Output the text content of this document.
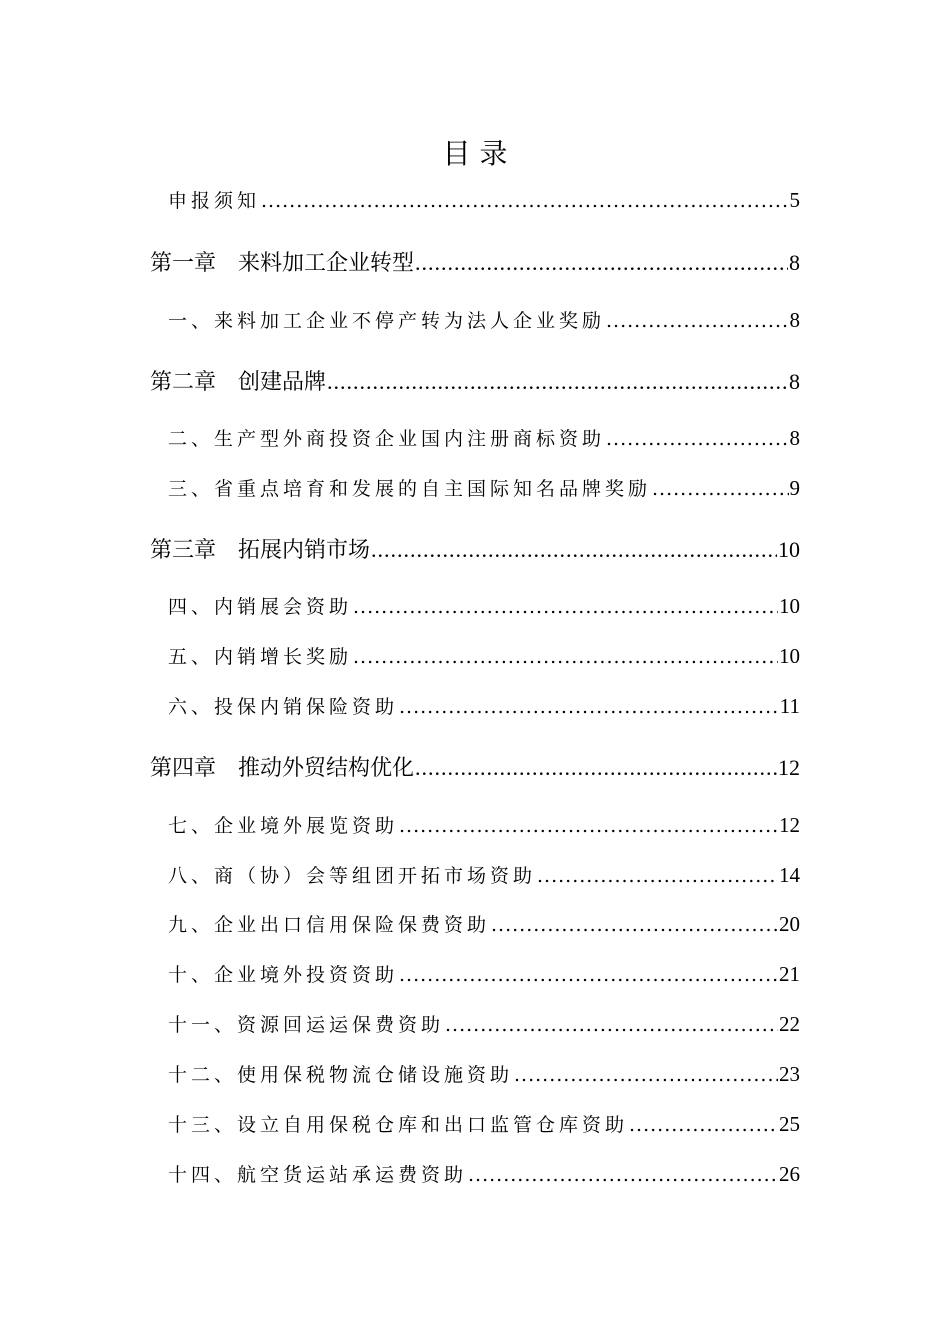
目 录
申报须知 .....	5
第一章　来料加工企业转型 .....	8
一、来料加工企业不停产转为法人企业奖励 .....	8
第二章　创建品牌 .....	8
二、生产型外商投资企业国内注册商标资助 .....	8
三、省重点培育和发展的自主国际知名品牌奖励 .....	9
第三章　拓展内销市场 .....	10
四、内销展会资助 .....	10
五、内销增长奖励 .....	10
六、投保内销保险资助 .....	11
第四章　推动外贸结构优化 .....	12
七、企业境外展览资助 .....	12
八、商（协）会等组团开拓市场资助 .....	14
九、企业出口信用保险保费资助 .....	20
十、企业境外投资资助 .....	21
十一、资源回运运保费资助 .....	22
十二、使用保税物流仓储设施资助 .....	23
十三、设立自用保税仓库和出口监管仓库资助 .....	25
十四、航空货运站承运费资助 .....	26
